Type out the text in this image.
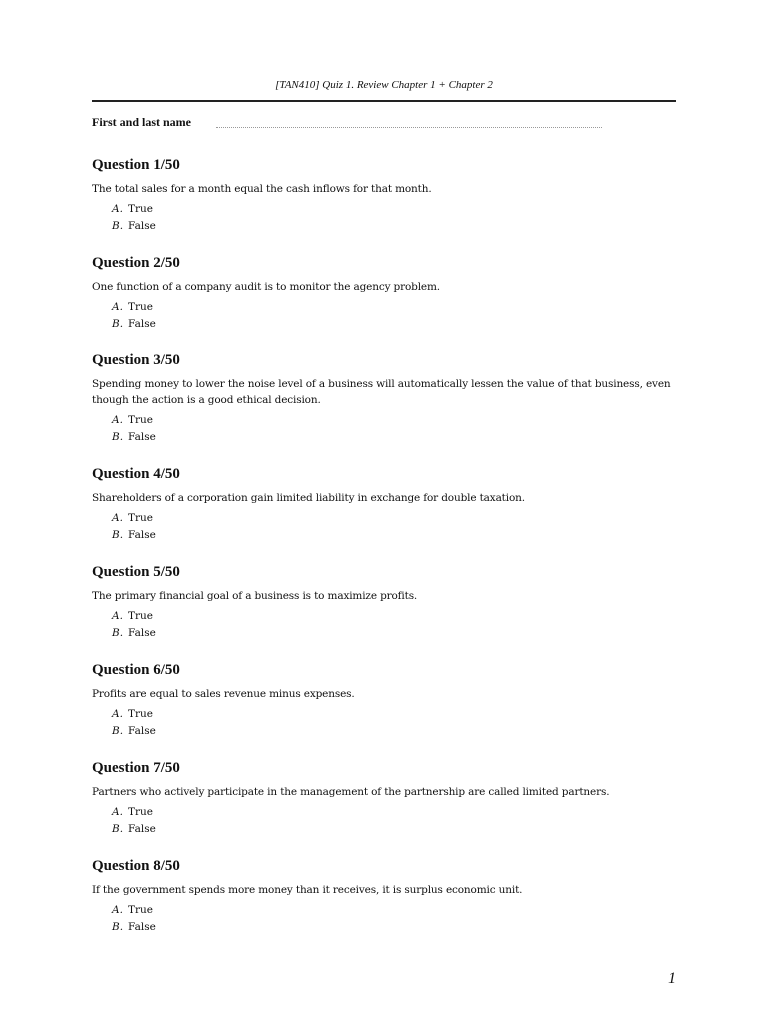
[TAN410] Quiz 1. Review Chapter 1 + Chapter 2
First and last name
Question 1/50
The total sales for a month equal the cash inflows for that month.
A. True
B. False
Question 2/50
One function of a company audit is to monitor the agency problem.
A. True
B. False
Question 3/50
Spending money to lower the noise level of a business will automatically lessen the value of that business, even
though the action is a good ethical decision.
A. True
B. False
Question 4/50
Shareholders of a corporation gain limited liability in exchange for double taxation.
A. True
B. False
Question 5/50
The primary financial goal of a business is to maximize profits.
A. True
B. False
Question 6/50
Profits are equal to sales revenue minus expenses.
A. True
B. False
Question 7/50
Partners who actively participate in the management of the partnership are called limited partners.
A. True
B. False
Question 8/50
If the government spends more money than it receives, it is surplus economic unit.
A. True
B. False
1
